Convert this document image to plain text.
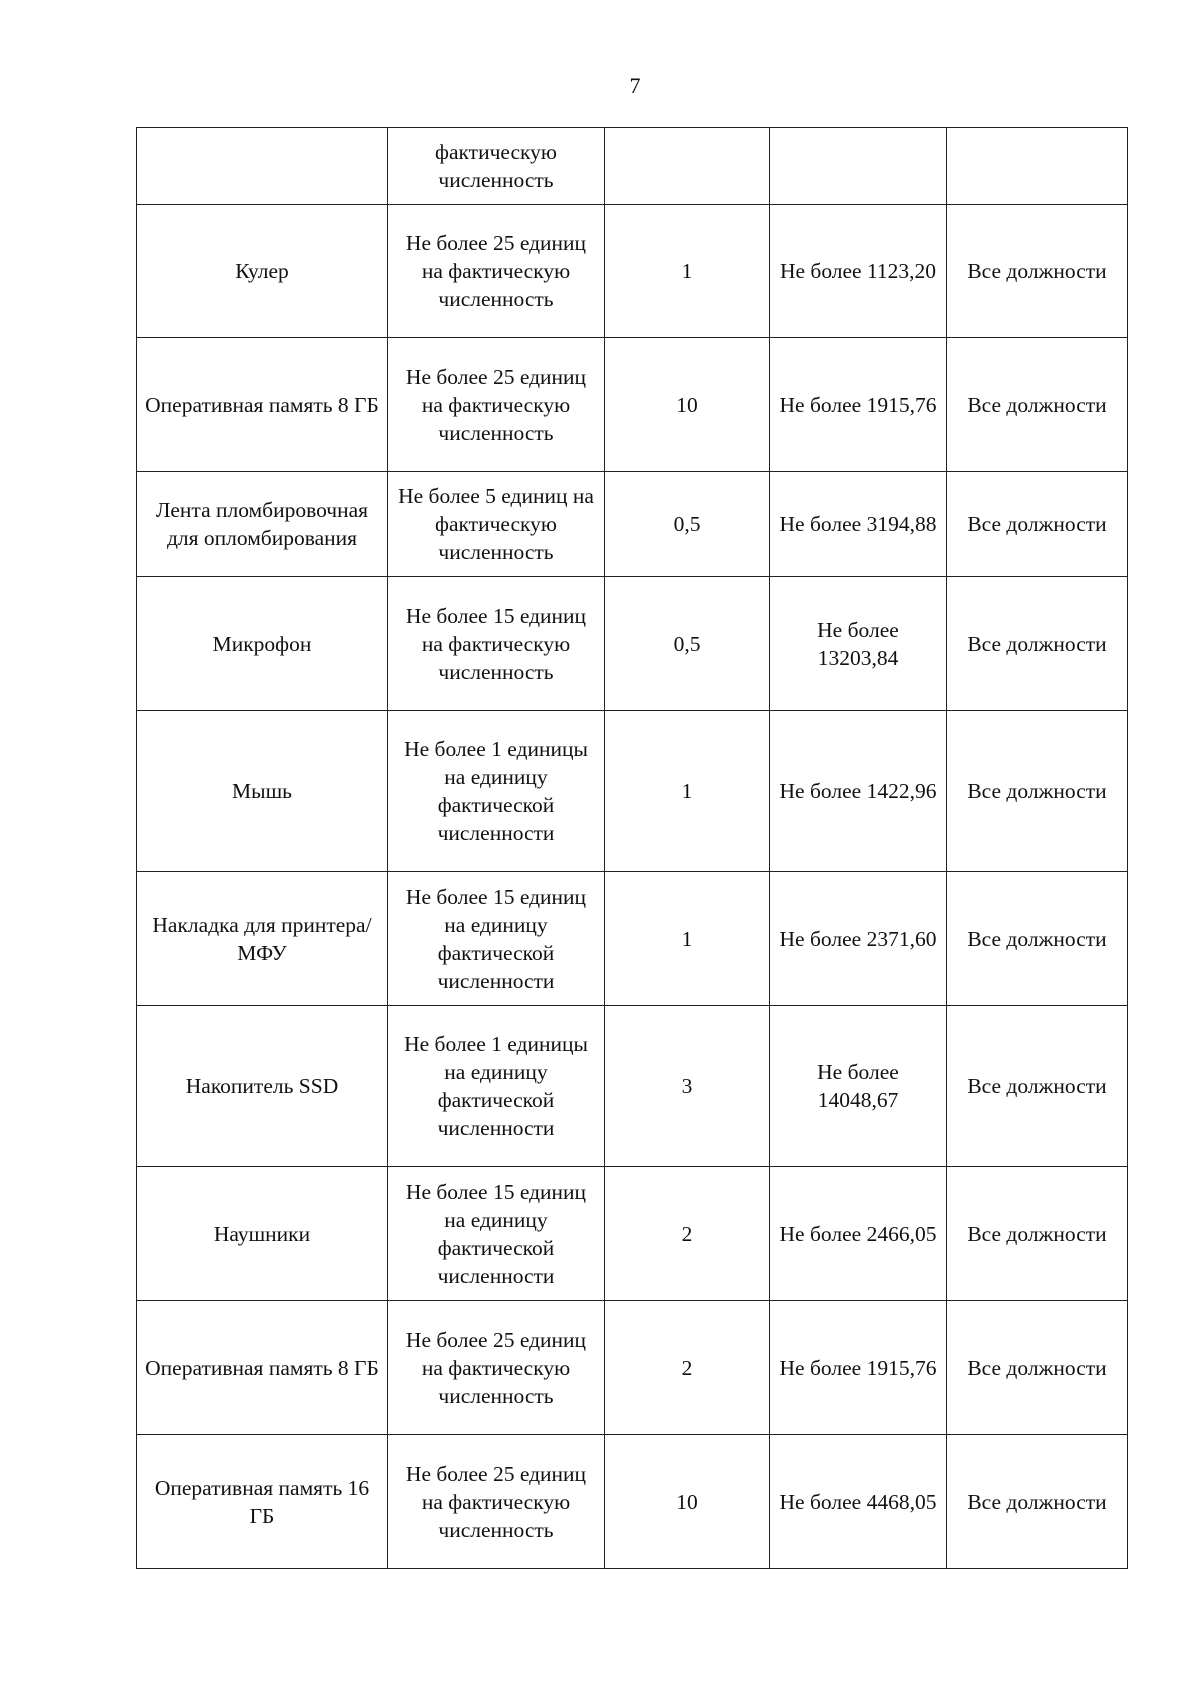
7
	фактическую численность			
Кулер	Не более 25 единиц на фактическую численность	1	Не более 1123,20	Все должности
Оперативная память 8 ГБ	Не более 25 единиц на фактическую численность	10	Не более 1915,76	Все должности
Лента пломбировочная для опломбирования	Не более 5 единиц на фактическую численность	0,5	Не более 3194,88	Все должности
Микрофон	Не более 15 единиц на фактическую численность	0,5	Не более 13203,84	Все должности
Мышь	Не более 1 единицы на единицу фактической численности	1	Не более 1422,96	Все должности
Накладка для принтера/МФУ	Не более 15 единиц на единицу фактической численности	1	Не более 2371,60	Все должности
Накопитель SSD	Не более 1 единицы на единицу фактической численности	3	Не более 14048,67	Все должности
Наушники	Не более 15 единиц на единицу фактической численности	2	Не более 2466,05	Все должности
Оперативная память 8 ГБ	Не более 25 единиц на фактическую численность	2	Не более 1915,76	Все должности
Оперативная память 16 ГБ	Не более 25 единиц на фактическую численность	10	Не более 4468,05	Все должности
